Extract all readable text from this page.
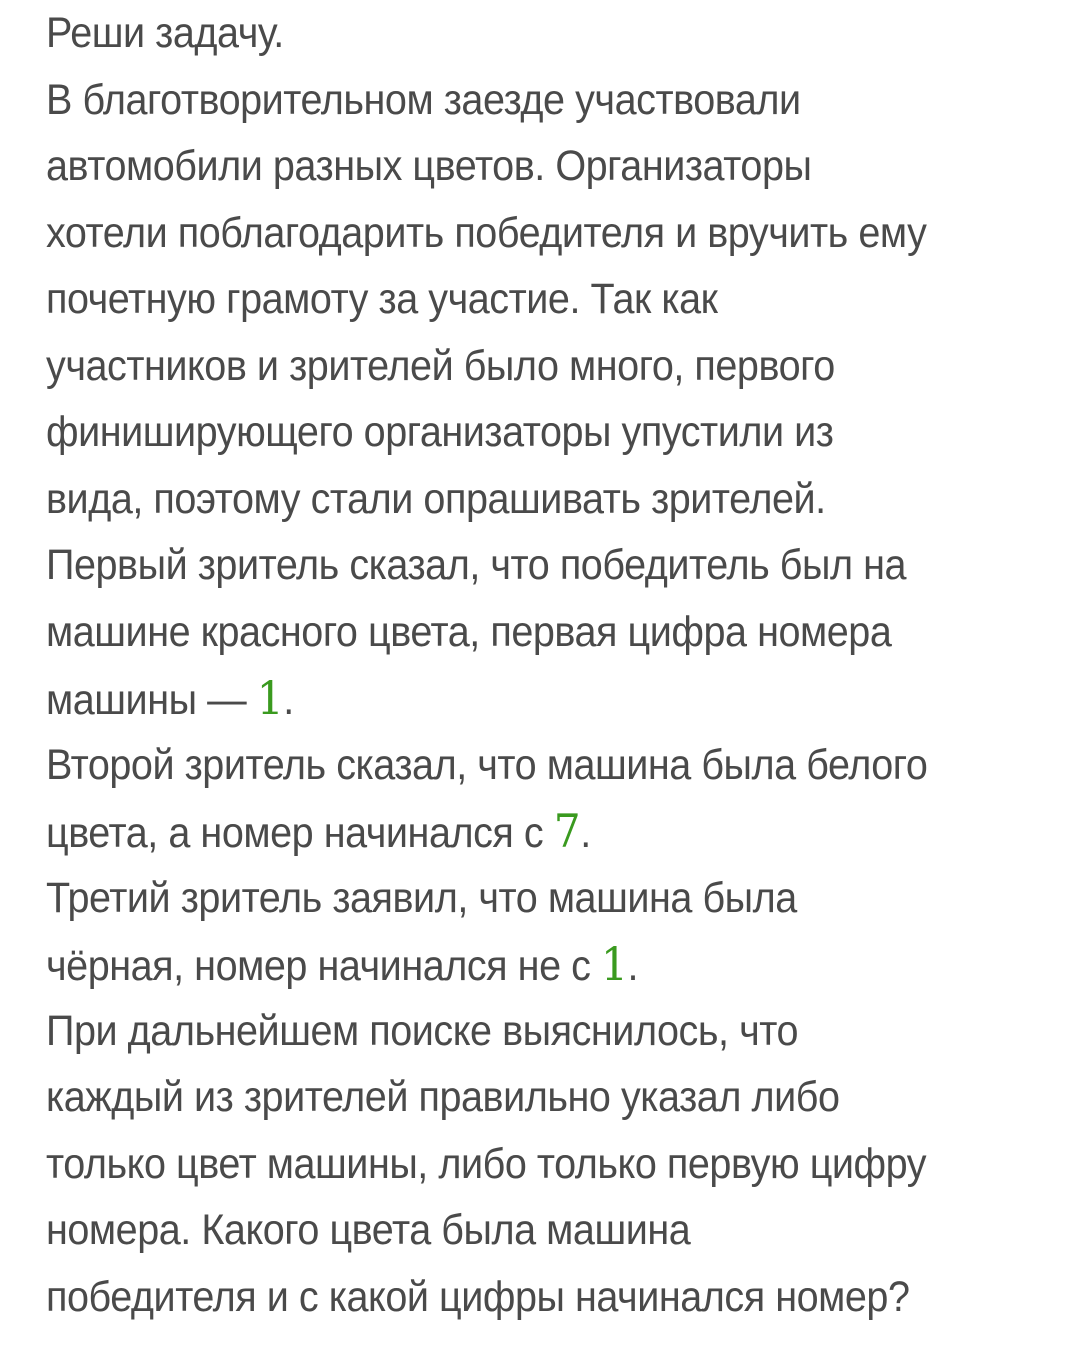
Реши задачу.
В благотворительном заезде участвовали
автомобили разных цветов. Организаторы
хотели поблагодарить победителя и вручить ему
почетную грамоту за участие. Так как
участников и зрителей было много, первого
финиширующего организаторы упустили из
вида, поэтому стали опрашивать зрителей.
Первый зритель сказал, что победитель был на
машине красного цвета, первая цифра номера
машины — 1.
Второй зритель сказал, что машина была белого
цвета, а номер начинался с 7.
Третий зритель заявил, что машина была
чёрная, номер начинался не с 1.
При дальнейшем поиске выяснилось, что
каждый из зрителей правильно указал либо
только цвет машины, либо только первую цифру
номера. Какого цвета была машина
победителя и с какой цифры начинался номер?
